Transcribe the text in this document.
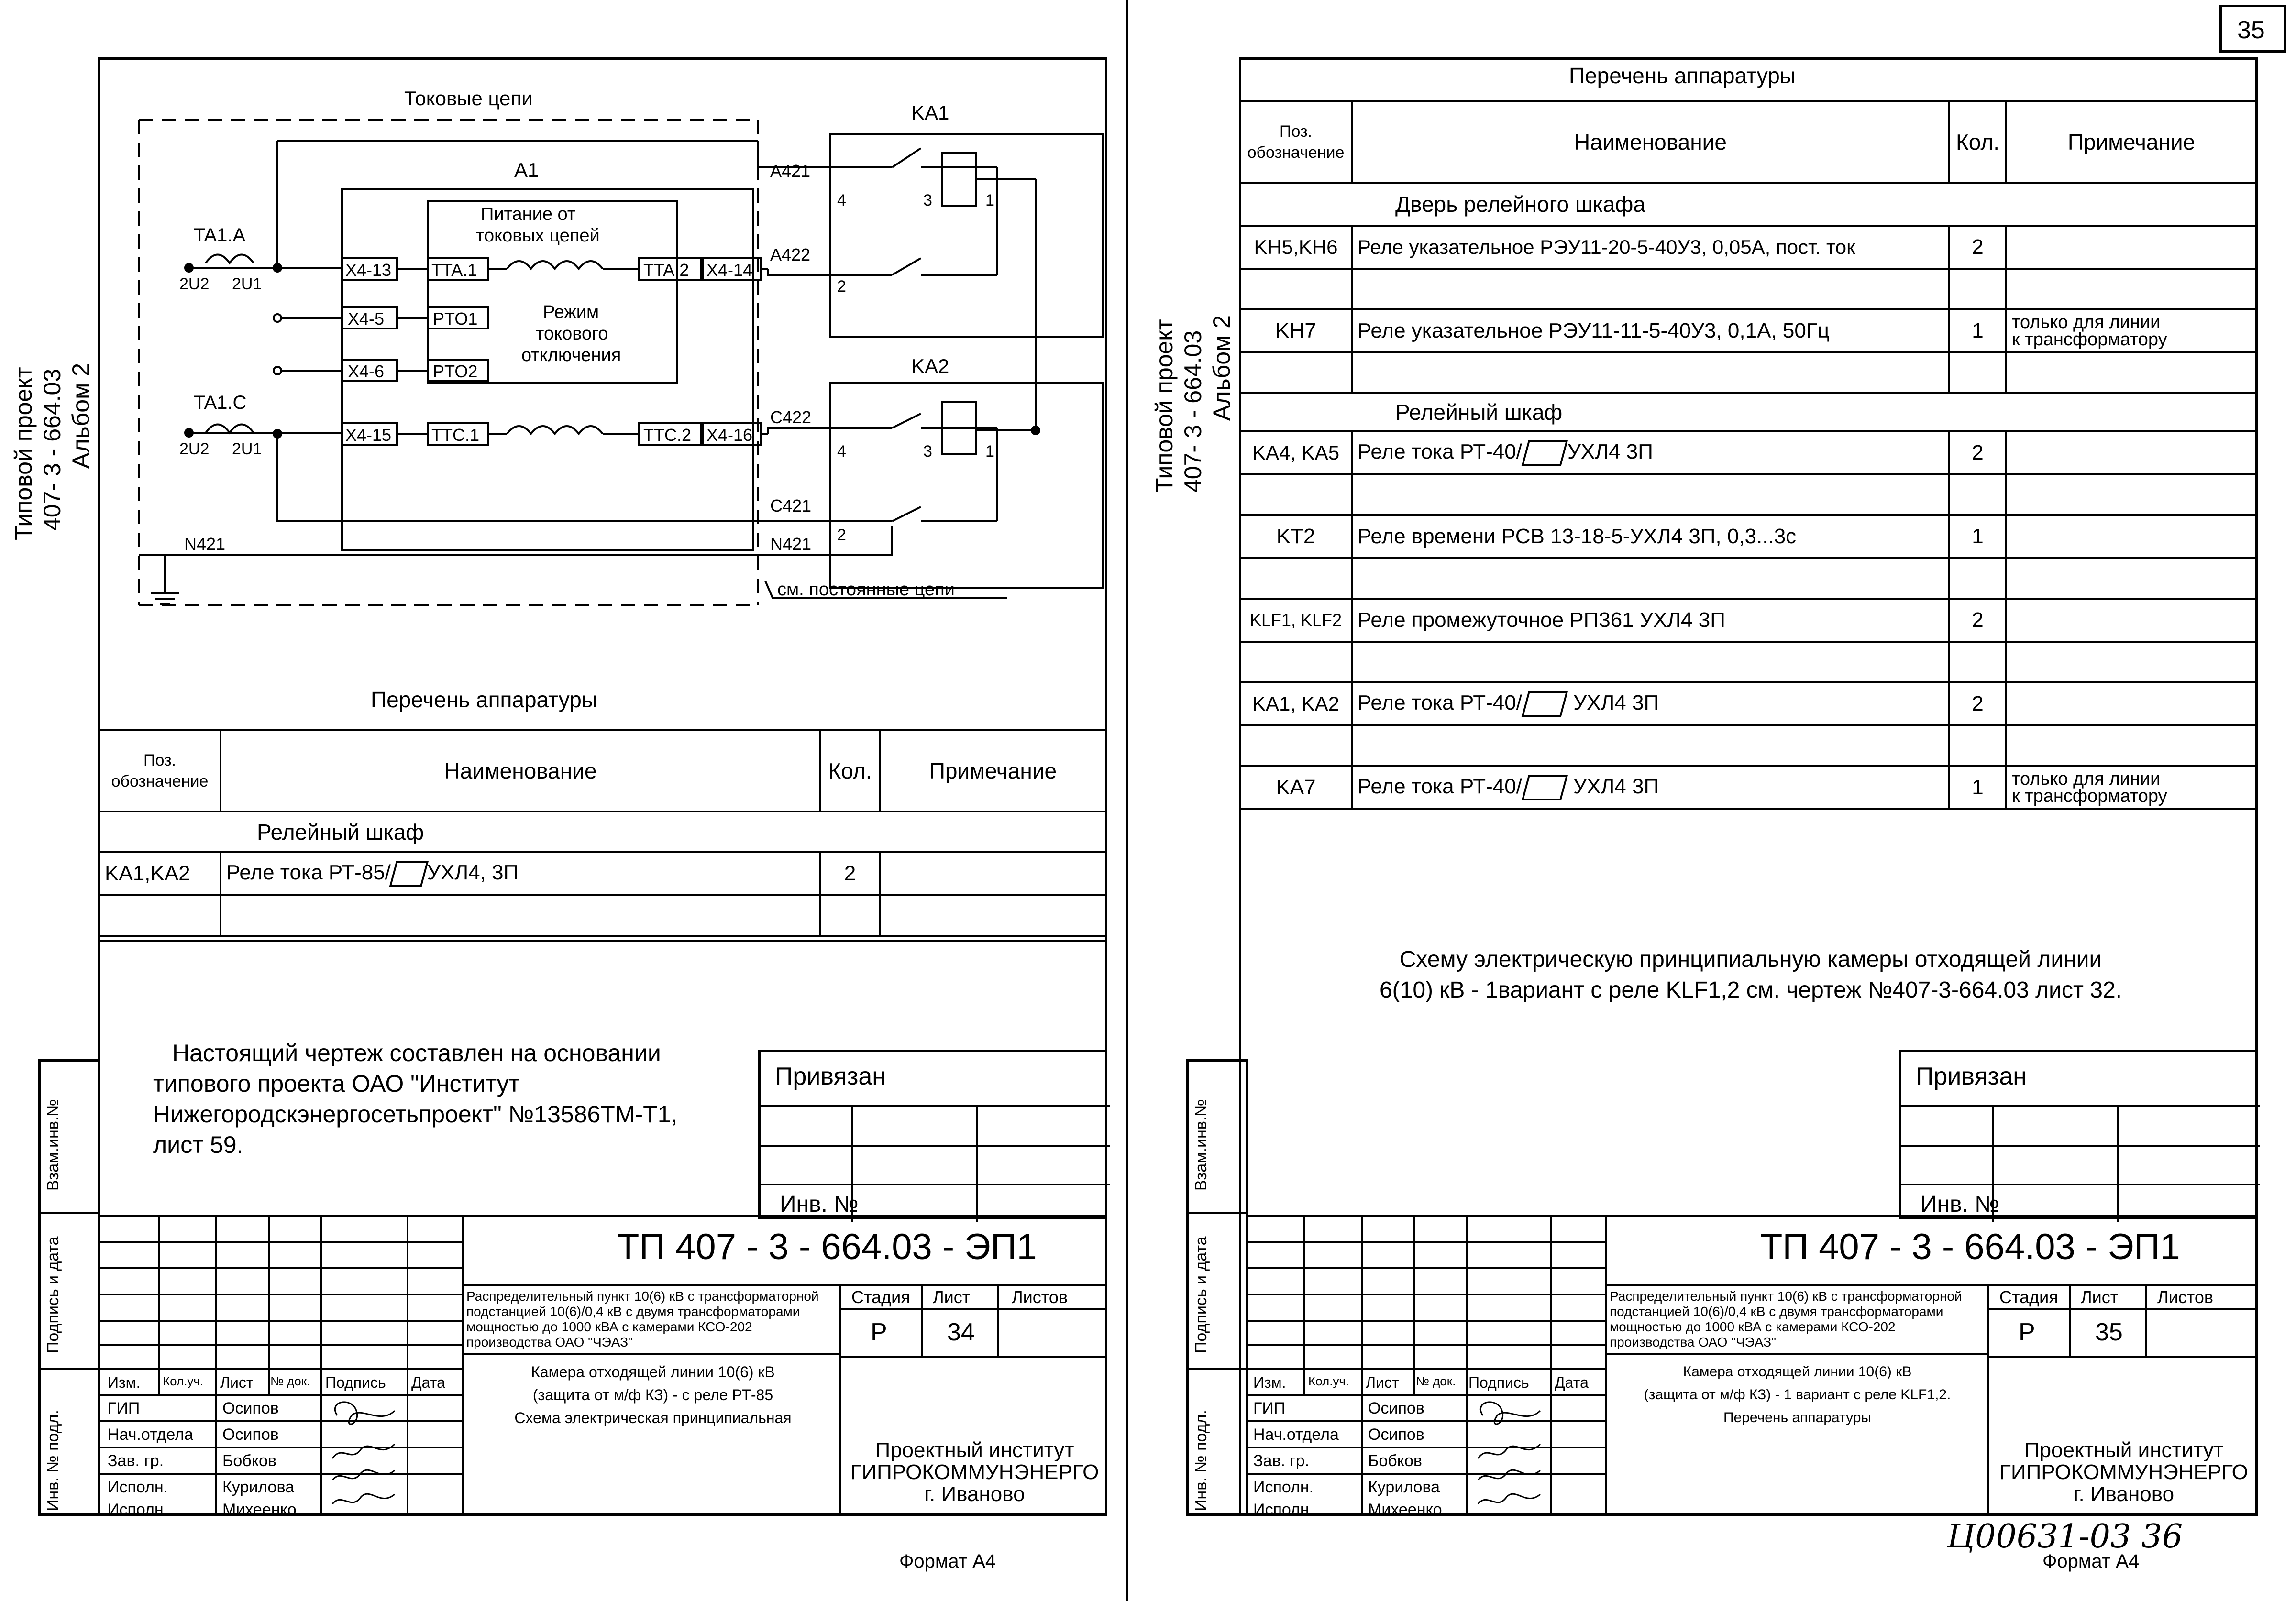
35
Типовой проект 407- 3 - 664.03 Альбом 2
Токовые цепи
A1
KA1
KA2
TA1.A
TA1.C
2U2 2U1
2U2 2U1
Питание от
токовых цепей
Режим
токового
отключения
X4-13 TTA.1	TTA.2 X4-14
X4-5	PTO1
X4-6	PTO2
X4-15 TTC.1	TTC.2 X4-16
A421
A422
C422
C421
N421	N421
см. постоянные цепи
4	3	1
2
4	3	1
2
Перечень аппаратуры
Поз.
обозначение	Наименование	Кол.	Примечание
Релейный шкаф			
KA1,KA2	Реле тока РТ-85/ УХЛ4, 3П	2	

Настоящий чертеж составлен на основании
типового проекта ОАО "Институт
Нижегородскэнергосетьпроект" №13586ТМ-Т1,
лист 59.
Привязан
Инв. №
Взам.инв.№
Подпись и дата
Инв. № подл.
ТП 407 - 3 - 664.03 - ЭП1
Изм. Кол.уч. Лист № док. Подпись Дата
ГИП
Нач.отдела
Зав. гр.
Исполн.
Исполн.
Осипов
Осипов
Бобков
Курилова
Михеенко
Распределительный пункт 10(6) кВ с трансформаторной
подстанцией 10(6)/0,4 кВ с двумя трансформаторами
мощностью до 1000 кВА с камерами КСО-202
производства ОАО "ЧЭАЗ"
Камера отходящей линии 10(6) кВ
(защита от м/ф КЗ) - с реле РТ-85
Схема электрическая принципиальная
Стадия Лист Листов
Р 34
Проектный институт
ГИПРОКОММУНЭНЕРГО
г. Иваново
Формат А4
Типовой проект 407- 3 - 664.03 Альбом 2
Перечень аппаратуры
Поз.
обозначение	Наименование	Кол.	Примечание
Дверь релейного шкафа			
KH5,KH6	Реле указательное РЭУ11-20-5-40У3, 0,05А, пост. ток	2	

KH7	Реле указательное РЭУ11-11-5-40У3, 0,1А, 50Гц	1	только для линии
к трансформатору

Релейный шкаф			
KA4, KA5	Реле тока РТ-40/ УХЛ4 3П	2	

KT2	Реле времени РСВ 13-18-5-УХЛ4 3П, 0,3...3с	1	

KLF1, KLF2	Реле промежуточное РП361 УХЛ4 3П	2	

KA1, KA2	Реле тока РТ-40/ УХЛ4 3П	2	

KA7	Реле тока РТ-40/ УХЛ4 3П	1	только для линии
к трансформатору
Схему электрическую принципиальную камеры отходящей линии
6(10) кВ - 1вариант с реле KLF1,2 см. чертеж №407-3-664.03 лист 32.
Привязан
Инв. №
Взам.инв.№
Подпись и дата
Инв. № подл.
ТП 407 - 3 - 664.03 - ЭП1
Изм. Кол.уч. Лист № док. Подпись Дата
ГИП
Нач.отдела
Зав. гр.
Исполн.
Исполн.
Осипов
Осипов
Бобков
Курилова
Михеенко
Распределительный пункт 10(6) кВ с трансформаторной
подстанцией 10(6)/0,4 кВ с двумя трансформаторами
мощностью до 1000 кВА с камерами КСО-202
производства ОАО "ЧЭАЗ"
Камера отходящей линии 10(6) кВ
(защита от м/ф КЗ) - 1 вариант с реле KLF1,2.
Перечень аппаратуры
Стадия Лист Листов
Р 35
Проектный институт
ГИПРОКОММУНЭНЕРГО
г. Иваново
Формат А4
Ц00631-03 36
